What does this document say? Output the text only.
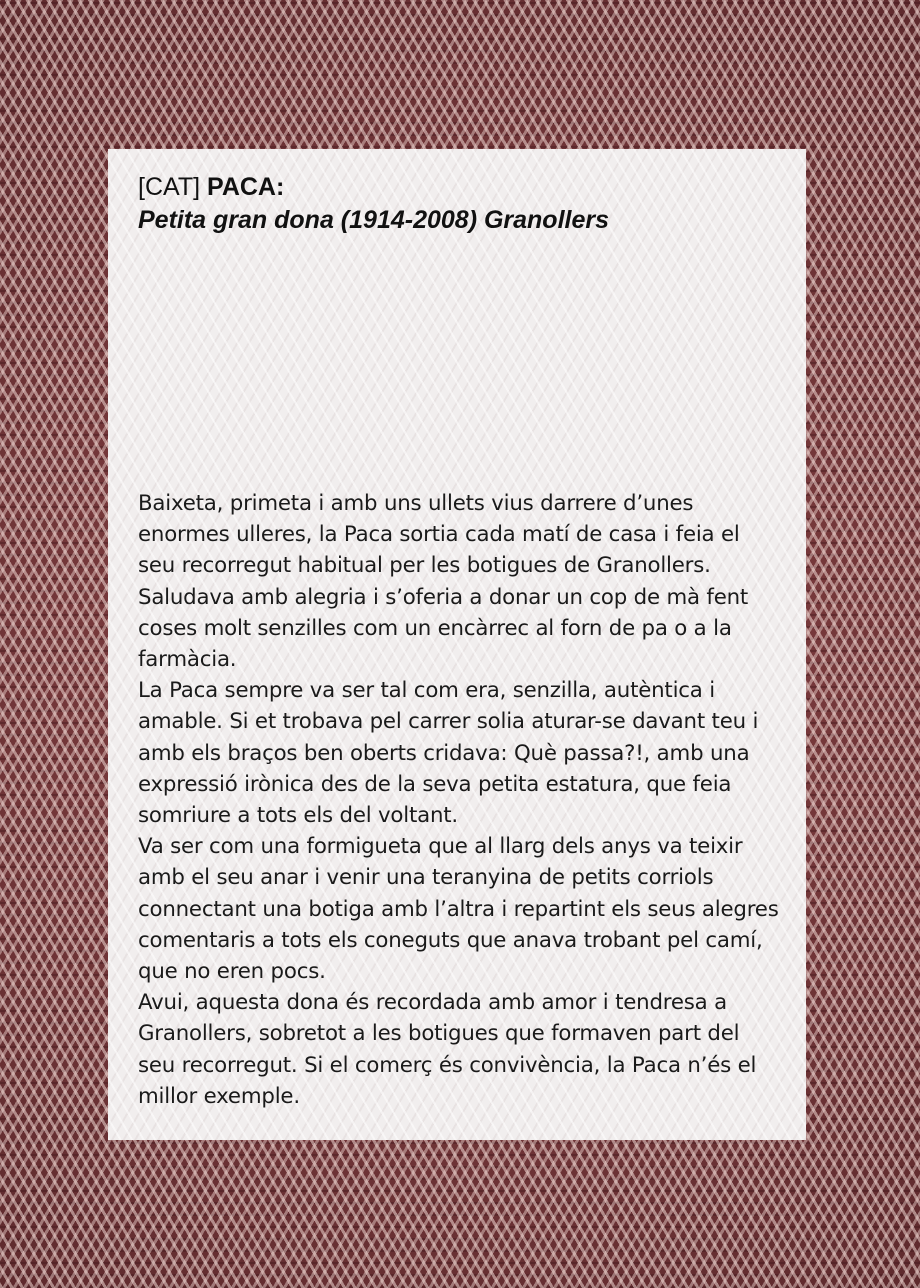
[CAT] PACA:
Petita gran dona (1914-2008) Granollers

Baixeta, primeta i amb uns ullets vius darrere d’unes enormes ulleres, la Paca sortia cada matí de casa i feia el seu recorregut habitual per les botigues de Granollers. Saludava amb alegria i s’oferia a donar un cop de mà fent coses molt senzilles com un encàrrec al forn de pa o a la farmàcia.

La Paca sempre va ser tal com era, senzilla, autèntica i amable. Si et trobava pel carrer solia aturar-se davant teu i amb els braços ben oberts cridava: Què passa?!, amb una expressió irònica des de la seva petita estatura, que feia somriure a tots els del voltant.

Va ser com una formigueta que al llarg dels anys va teixir amb el seu anar i venir una teranyina de petits corriols connectant una botiga amb l’altra i repartint els seus alegres comentaris a tots els coneguts que anava trobant pel camí, que no eren pocs.

Avui, aquesta dona és recordada amb amor i tendresa a Granollers, sobretot a les botigues que formaven part del seu recorregut. Si el comerç és convivència, la Paca n’és el millor exemple.
